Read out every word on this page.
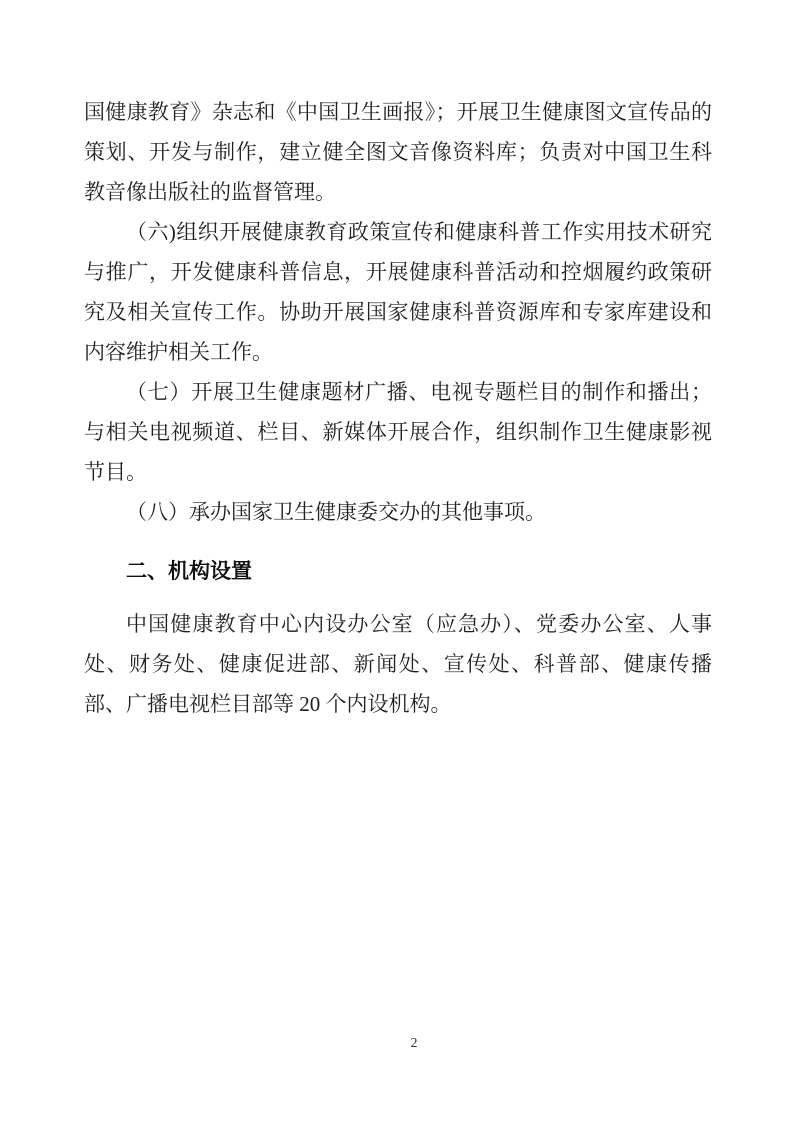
国健康教育》杂志和《中国卫生画报》；开展卫生健康图文宣传品的策划、开发与制作，建立健全图文音像资料库；负责对中国卫生科教音像出版社的监督管理。

（六)组织开展健康教育政策宣传和健康科普工作实用技术研究与推广，开发健康科普信息，开展健康科普活动和控烟履约政策研究及相关宣传工作。协助开展国家健康科普资源库和专家库建设和内容维护相关工作。

（七）开展卫生健康题材广播、电视专题栏目的制作和播出；与相关电视频道、栏目、新媒体开展合作，组织制作卫生健康影视节目。

（八）承办国家卫生健康委交办的其他事项。

二、机构设置

中国健康教育中心内设办公室（应急办）、党委办公室、人事处、财务处、健康促进部、新闻处、宣传处、科普部、健康传播部、广播电视栏目部等 20 个内设机构。

2
